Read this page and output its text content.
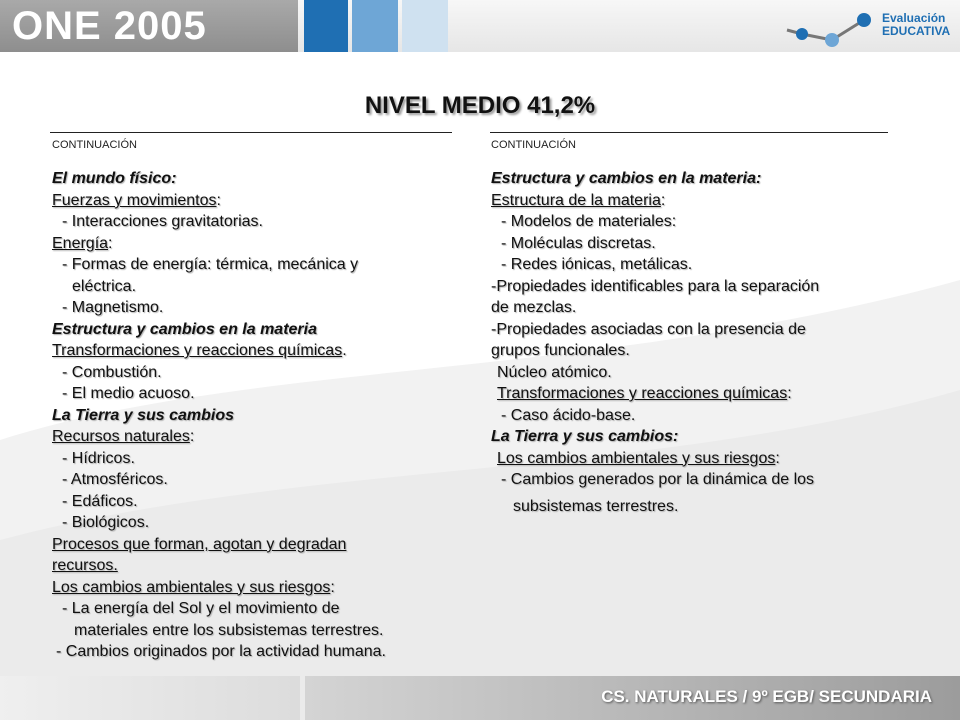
ONE 2005	Evaluación
EDUCATIVA
NIVEL MEDIO 41,2%
CONTINUACIÓN	CONTINUACIÓN
El mundo físico:
Fuerzas y movimientos:
- Interacciones gravitatorias.
Energía:
- Formas de energía: térmica, mecánica y
eléctrica.
- Magnetismo.
Estructura y cambios en la materia
Transformaciones y reacciones químicas.
- Combustión.
- El medio acuoso.
La Tierra y sus cambios
Recursos naturales:
- Hídricos.
- Atmosféricos.
- Edáficos.
- Biológicos.
Procesos que forman, agotan y degradan
recursos.
Los cambios ambientales y sus riesgos:
- La energía del Sol y el movimiento de
materiales entre los subsistemas terrestres.
- Cambios originados por la actividad humana.
Estructura y cambios en la materia:
Estructura de la materia:
- Modelos de materiales:
- Moléculas discretas.
- Redes iónicas, metálicas.
-Propiedades identificables para la separación
de mezclas.
-Propiedades asociadas con la presencia de
grupos funcionales.
Núcleo atómico.
Transformaciones y reacciones químicas:
- Caso ácido-base.
La Tierra y sus cambios:
Los cambios ambientales y sus riesgos:
- Cambios generados por la dinámica de los
subsistemas terrestres.
CS. NATURALES / 9º EGB/ SECUNDARIA
